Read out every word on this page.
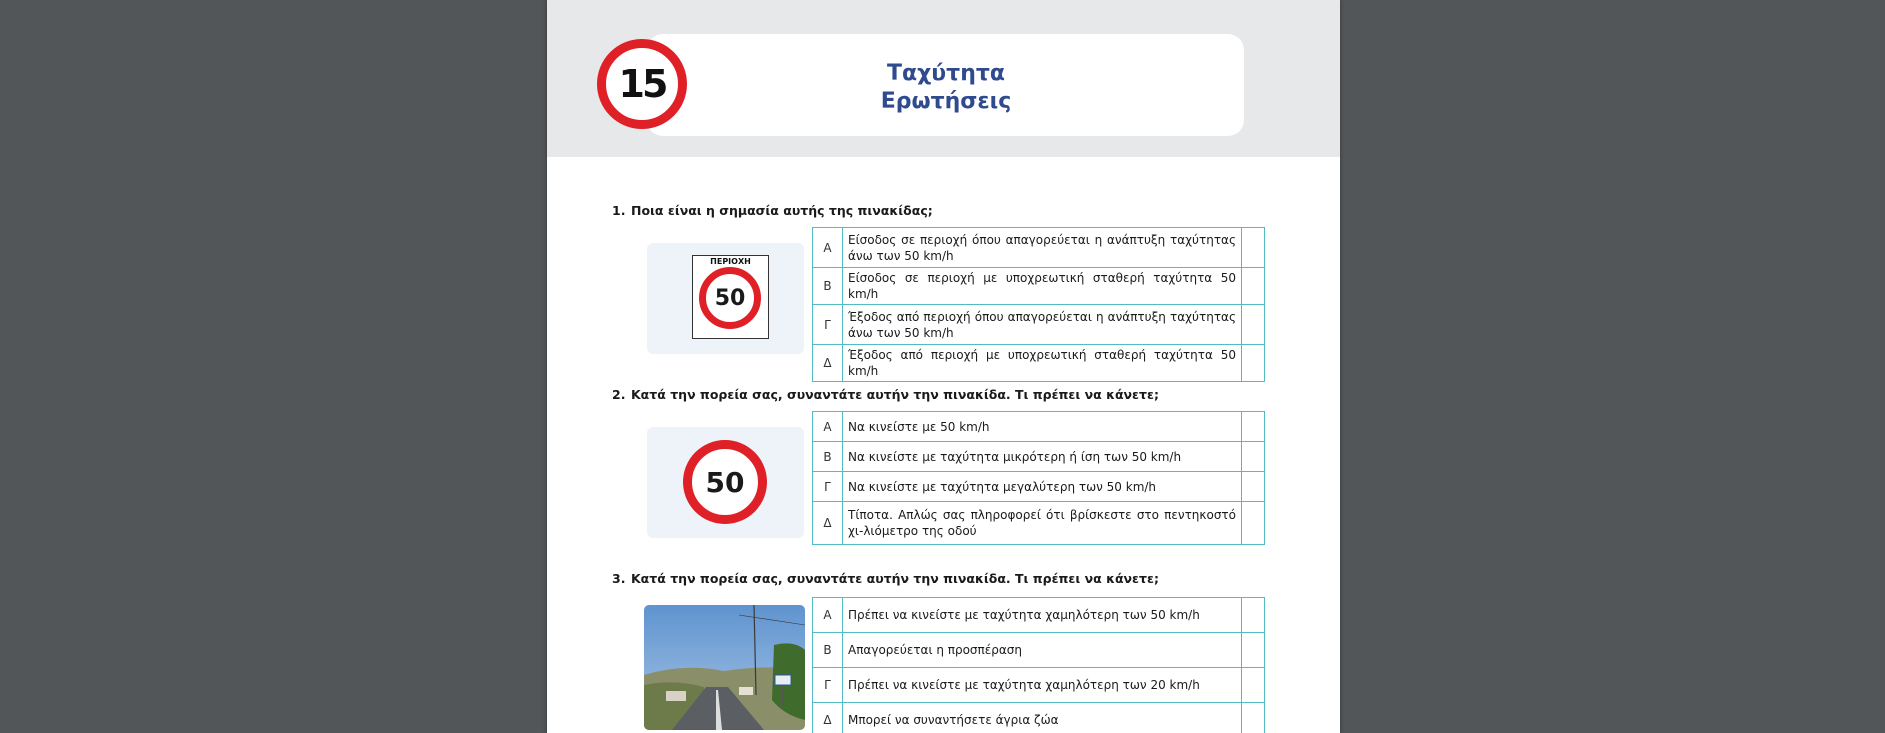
Ταχύτητα
Ερωτήσεις
15
1. Ποια είναι η σημασία αυτής της πινακίδας;
ΠΕΡΙΟΧΗ
50
Α	Είσοδος σε περιοχή όπου απαγορεύεται η ανάπτυξη ταχύτητας άνω των 50 km/h	
Β	Είσοδος σε περιοχή με υποχρεωτική σταθερή ταχύτητα 50 km/h	
Γ	Έξοδος από περιοχή όπου απαγορεύεται η ανάπτυξη ταχύτητας άνω των 50 km/h	
Δ	Έξοδος από περιοχή με υποχρεωτική σταθερή ταχύτητα 50 km/h	
2. Κατά την πορεία σας, συναντάτε αυτήν την πινακίδα. Τι πρέπει να κάνετε;
50
Α	Να κινείστε με 50 km/h	
Β	Να κινείστε με ταχύτητα μικρότερη ή ίση των 50 km/h	
Γ	Να κινείστε με ταχύτητα μεγαλύτερη των 50 km/h	
Δ	Τίποτα. Απλώς σας πληροφορεί ότι βρίσκεστε στο πεντηκοστό χι-λιόμετρο της οδού	
3. Κατά την πορεία σας, συναντάτε αυτήν την πινακίδα. Τι πρέπει να κάνετε;
Α	Πρέπει να κινείστε με ταχύτητα χαμηλότερη των 50 km/h	
Β	Απαγορεύεται η προσπέραση	
Γ	Πρέπει να κινείστε με ταχύτητα χαμηλότερη των 20 km/h	
Δ	Μπορεί να συναντήσετε άγρια ζώα	
